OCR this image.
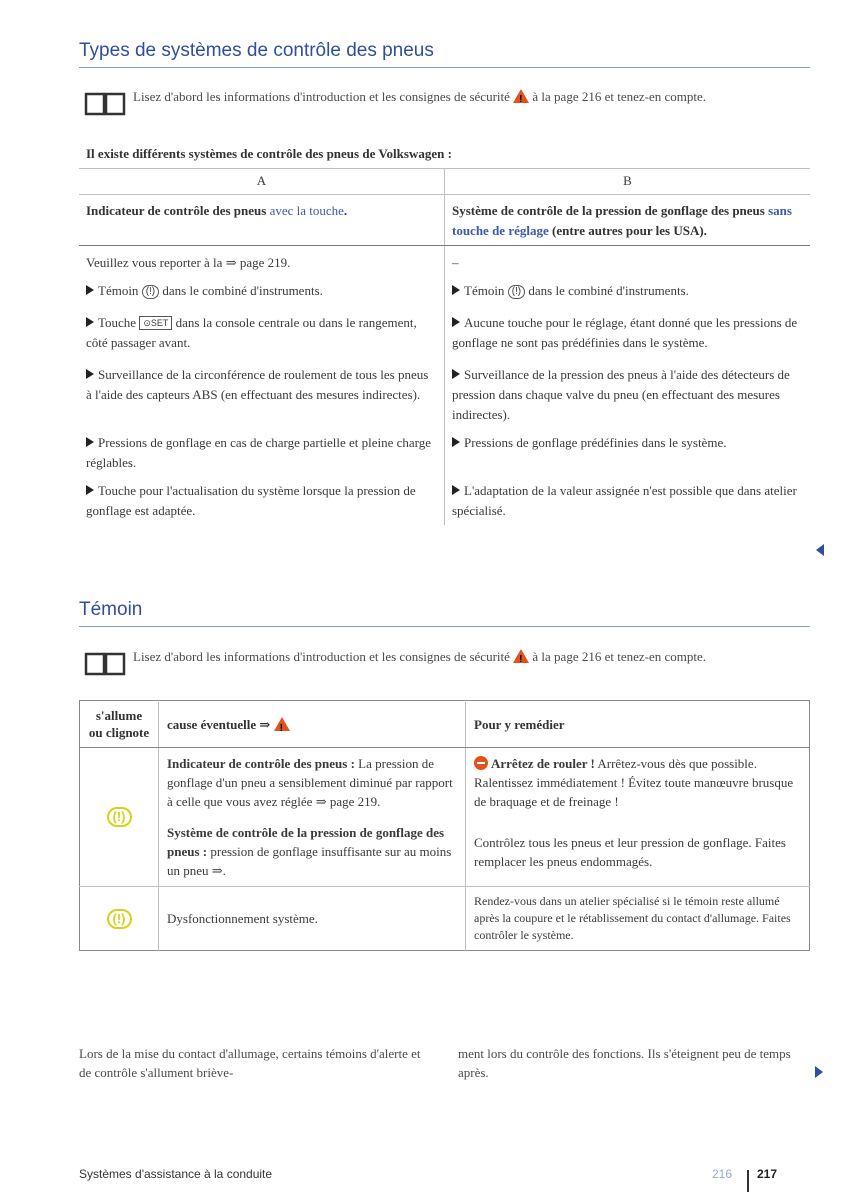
Types de systèmes de contrôle des pneus
Lisez d'abord les informations d'introduction et les consignes de sécurité ! à la page 216 et tenez-en compte.
Il existe différents systèmes de contrôle des pneus de Volkswagen :
A	B
Indicateur de contrôle des pneus avec la touche.	Système de contrôle de la pression de gonflage des pneus sans touche de réglage (entre autres pour les USA).
Veuillez vous reporter à la ⇒ page 219.	–
Témoin (!) dans le combiné d'instruments.	Témoin (!) dans le combiné d'instruments.
Touche ⊙SET dans la console centrale ou dans le rangement, côté passager avant.	Aucune touche pour le réglage, étant donné que les pressions de gonflage ne sont pas prédéfinies dans le système.
Surveillance de la circonférence de roulement de tous les pneus à l'aide des capteurs ABS (en effectuant des mesures indirectes).	Surveillance de la pression des pneus à l'aide des détecteurs de pression dans chaque valve du pneu (en effectuant des mesures indirectes).
Pressions de gonflage en cas de charge partielle et pleine charge réglables.	Pressions de gonflage prédéfinies dans le système.
Touche pour l'actualisation du système lorsque la pression de gonflage est adaptée.	L'adaptation de la valeur assignée n'est possible que dans atelier spécialisé.
Témoin
Lisez d'abord les informations d'introduction et les consignes de sécurité ! à la page 216 et tenez-en compte.
s'allume ou clignote	cause éventuelle ⇒ !	Pour y remédier
(!)	Indicateur de contrôle des pneus : La pression de gonflage d'un pneu a sensiblement diminué par rapport à celle que vous avez réglée ⇒ page 219.	Arrêtez de rouler ! Arrêtez-vous dès que possible. Ralentissez immédiatement ! Évitez toute manœuvre brusque de braquage et de freinage !
	Système de contrôle de la pression de gonflage des pneus : pression de gonflage insuffisante sur au moins un pneu ⇒.	Contrôlez tous les pneus et leur pression de gonflage. Faites remplacer les pneus endommagés.
(!)	Dysfonctionnement système.	Rendez-vous dans un atelier spécialisé si le témoin reste allumé après la coupure et le rétablissement du contact d'allumage. Faites contrôler le système.
Lors de la mise du contact d'allumage, certains témoins d'alerte et de contrôle s'allument briève-
ment lors du contrôle des fonctions. Ils s'éteignent peu de temps après.
Systèmes d'assistance à la conduite	216 217
